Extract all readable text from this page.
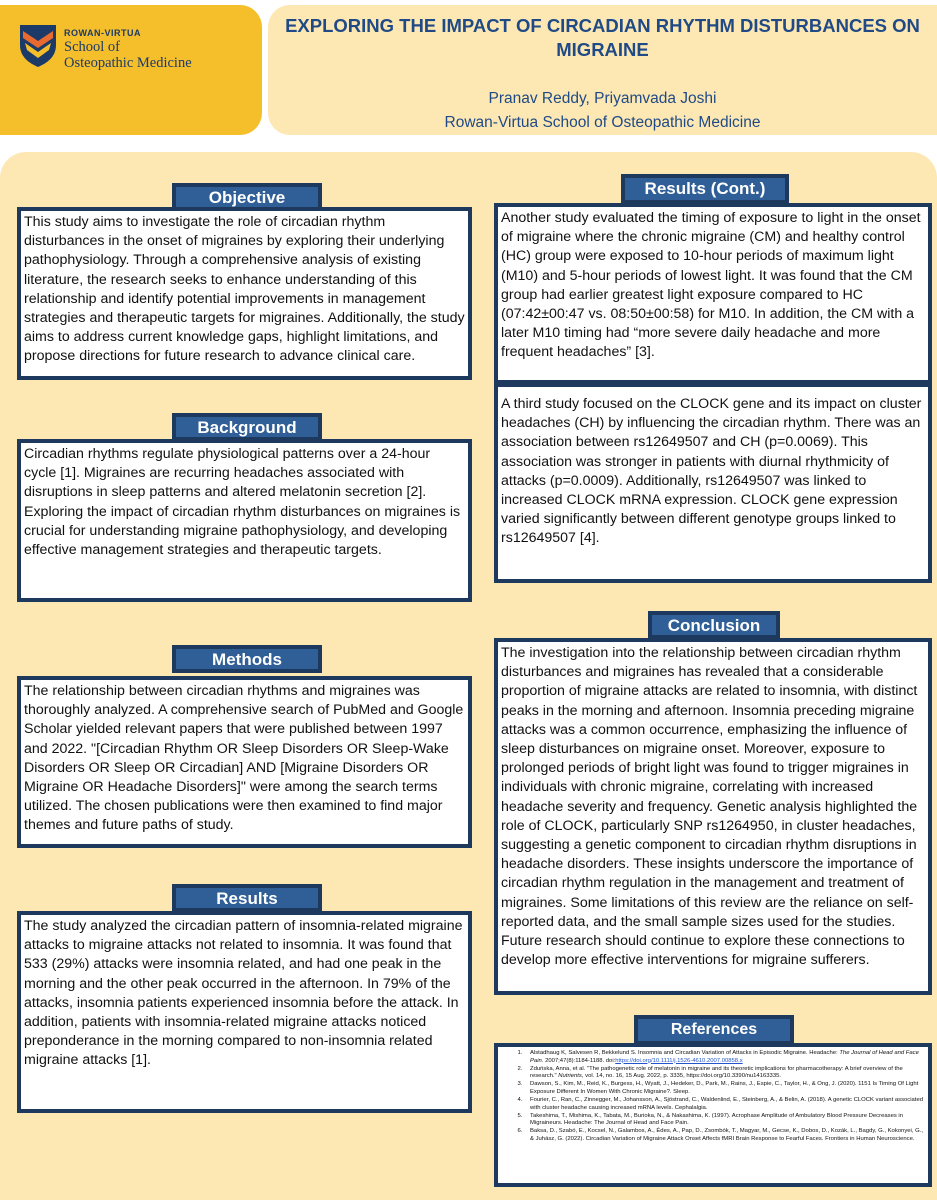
ROWAN-VIRTUA
School of
Osteopathic Medicine
EXPLORING THE IMPACT OF CIRCADIAN RHYTHM DISTURBANCES ON MIGRAINE
Pranav Reddy, Priyamvada Joshi
Rowan-Virtua School of Osteopathic Medicine
Objective
This study aims to investigate the role of circadian rhythm disturbances in the onset of migraines by exploring their underlying pathophysiology. Through a comprehensive analysis of existing literature, the research seeks to enhance understanding of this relationship and identify potential improvements in management strategies and therapeutic targets for migraines. Additionally, the study aims to address current knowledge gaps, highlight limitations, and propose directions for future research to advance clinical care.
Background
Circadian rhythms regulate physiological patterns over a 24-hour cycle [1]. Migraines are recurring headaches associated with disruptions in sleep patterns and altered melatonin secretion [2]. Exploring the impact of circadian rhythm disturbances on migraines is crucial for understanding migraine pathophysiology, and developing effective management strategies and therapeutic targets.
Methods
The relationship between circadian rhythms and migraines was thoroughly analyzed. A comprehensive search of PubMed and Google Scholar yielded relevant papers that were published between 1997 and 2022. "[Circadian Rhythm OR Sleep Disorders OR Sleep-Wake Disorders OR Sleep OR Circadian] AND [Migraine Disorders OR Migraine OR Headache Disorders]" were among the search terms utilized. The chosen publications were then examined to find major themes and future paths of study.
Results
The study analyzed the circadian pattern of insomnia-related migraine attacks to migraine attacks not related to insomnia. It was found that 533 (29%) attacks were insomnia related, and had one peak in the morning and the other peak occurred in the afternoon. In 79% of the attacks, insomnia patients experienced insomnia before the attack. In addition, patients with insomnia-related migraine attacks noticed preponderance in the morning compared to non-insomnia related migraine attacks [1].
Results (Cont.)
Another study evaluated the timing of exposure to light in the onset of migraine where the chronic migraine (CM) and healthy control (HC) group were exposed to 10-hour periods of maximum light (M10) and 5-hour periods of lowest light. It was found that the CM group had earlier greatest light exposure compared to HC (07:42±00:47 vs. 08:50±00:58) for M10. In addition, the CM with a later M10 timing had “more severe daily headache and more frequent headaches” [3].
A third study focused on the CLOCK gene and its impact on cluster headaches (CH) by influencing the circadian rhythm. There was an association between rs12649507 and CH (p=0.0069). This association was stronger in patients with diurnal rhythmicity of attacks (p=0.0009). Additionally, rs12649507 was linked to increased CLOCK mRNA expression. CLOCK gene expression varied significantly between different genotype groups linked to rs12649507 [4].
Conclusion
The investigation into the relationship between circadian rhythm disturbances and migraines has revealed that a considerable proportion of migraine attacks are related to insomnia, with distinct peaks in the morning and afternoon. Insomnia preceding migraine attacks was a common occurrence, emphasizing the influence of sleep disturbances on migraine onset. Moreover, exposure to prolonged periods of bright light was found to trigger migraines in individuals with chronic migraine, correlating with increased headache severity and frequency. Genetic analysis highlighted the role of CLOCK, particularly SNP rs1264950, in cluster headaches, suggesting a genetic component to circadian rhythm disruptions in headache disorders. These insights underscore the importance of circadian rhythm regulation in the management and treatment of migraines. Some limitations of this review are the reliance on self-reported data, and the small sample sizes used for the studies. Future research should continue to explore these connections to develop more effective interventions for migraine sufferers.
References
1. Alstadhaug K, Salvesen R, Bekkelund S. Insomnia and Circadian Variation of Attacks in Episodic Migraine. Headache: The Journal of Head and Face Pain. 2007;47(8):1184-1188. doi:https://doi.org/10.1111/j.1526-4610.2007.00858.x
2. Zduńska, Anna, et al. "The pathogenetic role of melatonin in migraine and its theoretic implications for pharmacotherapy: A brief overview of the research." Nutrients, vol. 14, no. 16, 15 Aug. 2022, p. 3335, https://doi.org/10.3390/nu14163335.
3. Dawson, S., Kim, M., Reid, K., Burgess, H., Wyatt, J., Hedeker, D., Park, M., Rains, J., Espie, C., Taylor, H., & Ong, J. (2020). 1151 Is Timing Of Light Exposure Different In Women With Chronic Migraine?. Sleep.
4. Fourier, C., Ran, C., Zinnegger, M., Johansson, A., Sjöstrand, C., Waldenlind, E., Steinberg, A., & Belin, A. (2018). A genetic CLOCK variant associated with cluster headache causing increased mRNA levels. Cephalalgia.
5. Takeshima, T., Mishima, K., Tabata, M., Burioka, N., & Nakashima, K. (1997). Acrophase Amplitude of Ambulatory Blood Pressure Decreases in Migraineurs. Headache: The Journal of Head and Face Pain.
6. Baksa, D., Szabó, E., Kocsel, N., Galambos, A., Édes, A., Pap, D., Zsombók, T., Magyar, M., Gecse, K., Dobos, D., Kozák, L., Bagdy, G., Kokonyei, G., & Juhász, G. (2022). Circadian Variation of Migraine Attack Onset Affects fMRI Brain Response to Fearful Faces. Frontiers in Human Neuroscience.
